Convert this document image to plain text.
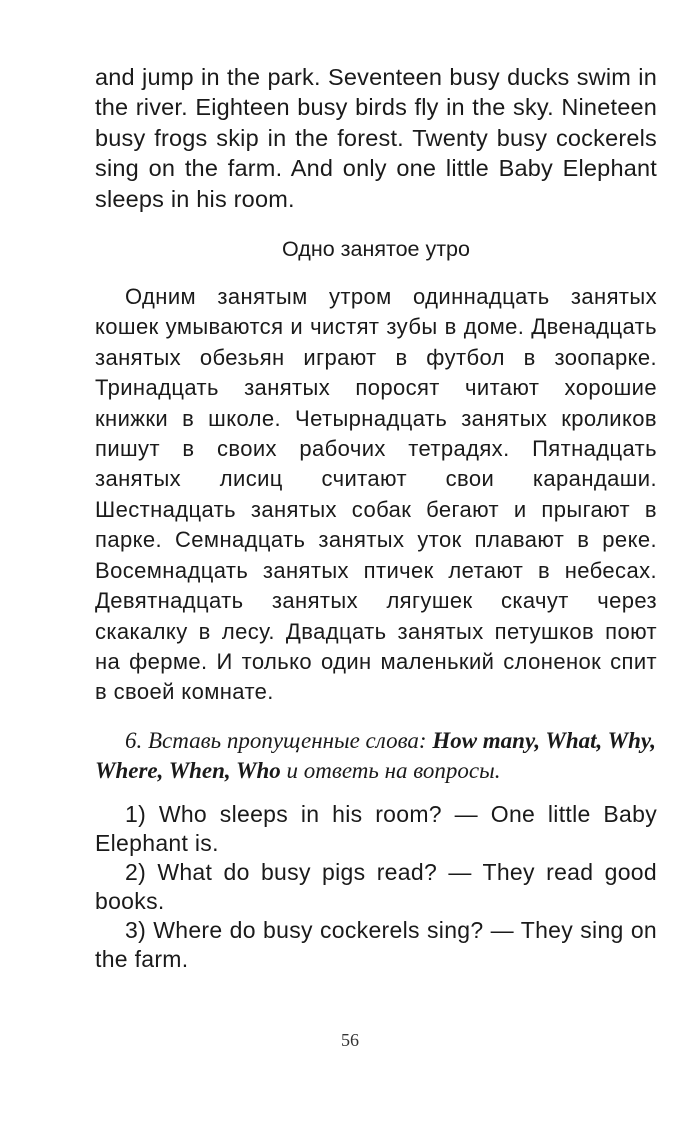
and jump in the park. Seventeen busy ducks swim in the river. Eighteen busy birds fly in the sky. Nineteen busy frogs skip in the forest. Twenty busy cockerels sing on the farm. And only one little Baby Elephant sleeps in his room.

Одно занятое утро

Одним занятым утром одиннадцать занятых кошек умываются и чистят зубы в доме. Двенадцать занятых обезьян играют в футбол в зоопарке. Тринадцать занятых поросят читают хорошие книжки в школе. Четырнадцать занятых кроликов пишут в своих рабочих тетрадях. Пятнадцать занятых лисиц считают свои карандаши. Шестнадцать занятых собак бегают и прыгают в парке. Семнадцать занятых уток плавают в реке. Восемнадцать занятых птичек летают в небесах. Девятнадцать занятых лягушек скачут через скакалку в лесу. Двадцать занятых петушков поют на ферме. И только один маленький слоненок спит в своей комнате.

6. Вставь пропущенные слова: How many, What, Why, Where, When, Who и ответь на вопросы.

1) Who sleeps in his room? — One little Baby Elephant is.

2) What do busy pigs read? — They read good books.

3) Where do busy cockerels sing? — They sing on the farm.

56
